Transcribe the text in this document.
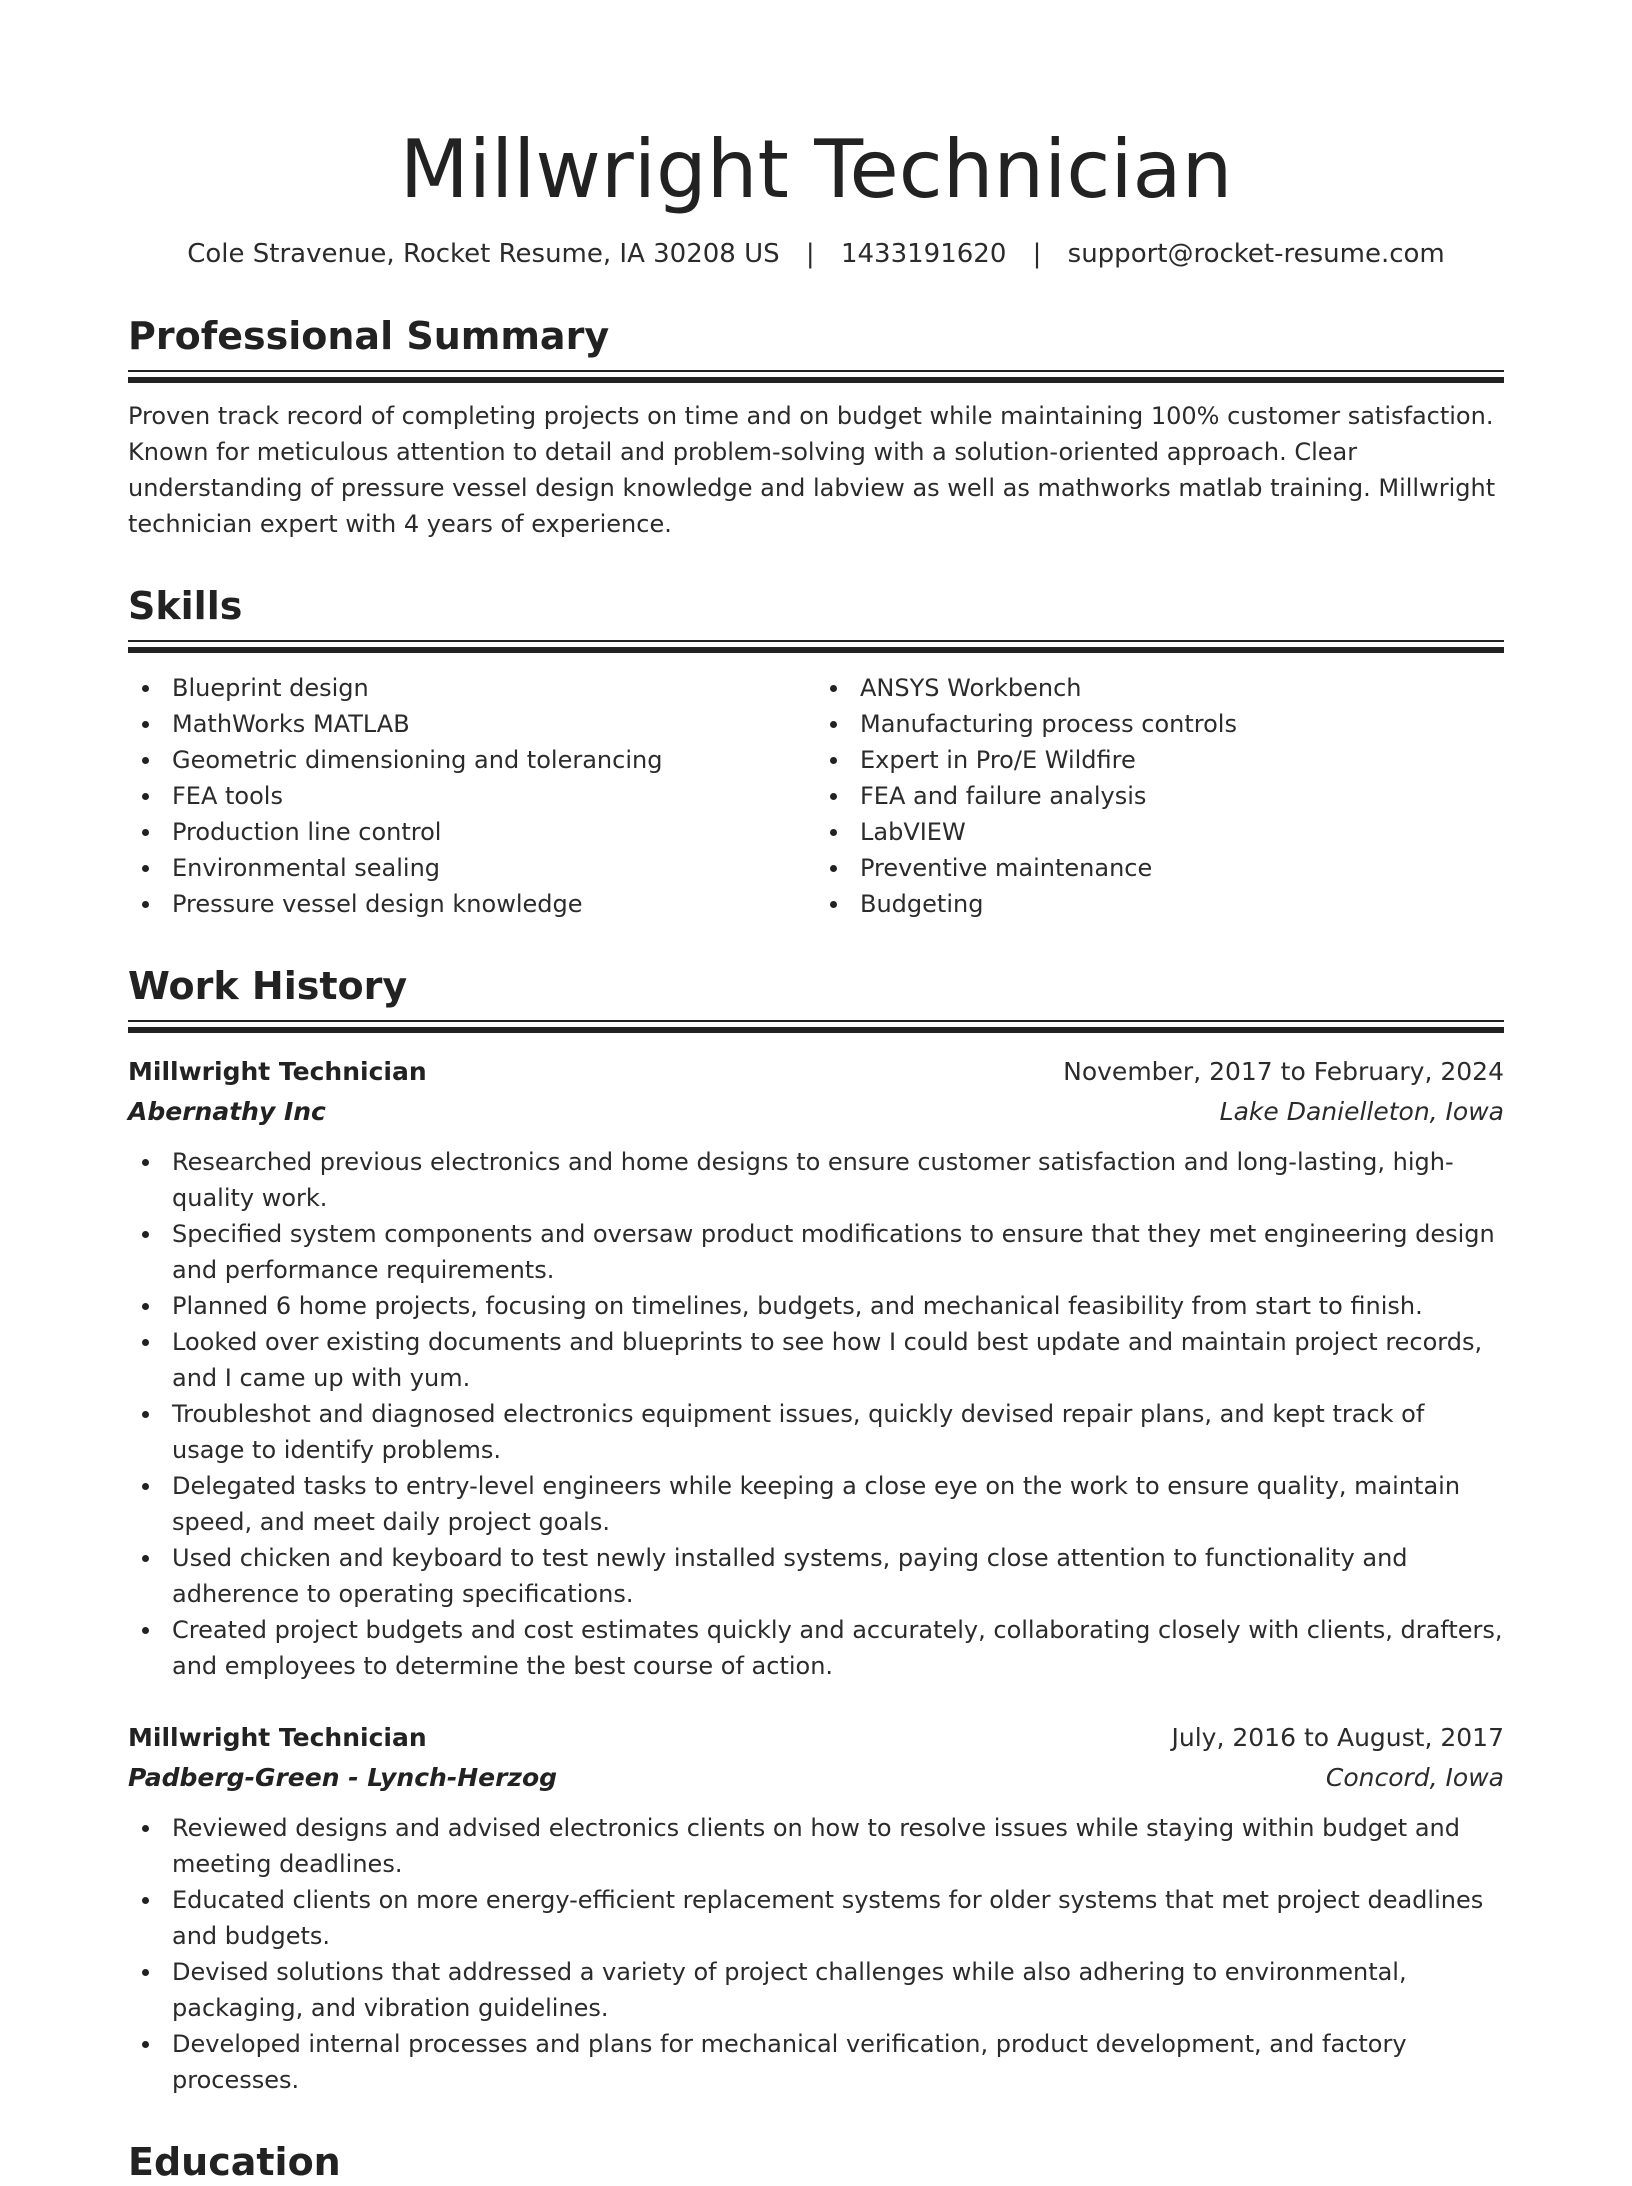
Millwright Technician
Cole Stravenue, Rocket Resume, IA 30208 US | 1433191620 | support@rocket-resume.com
Professional Summary

Proven track record of completing projects on time and on budget while maintaining 100% customer satisfaction. Known for meticulous attention to detail and problem-solving with a solution-oriented approach. Clear understanding of pressure vessel design knowledge and labview as well as mathworks matlab training. Millwright technician expert with 4 years of experience.

Skills
Blueprint design
MathWorks MATLAB
Geometric dimensioning and tolerancing
FEA tools
Production line control
Environmental sealing
Pressure vessel design knowledge
ANSYS Workbench
Manufacturing process controls
Expert in Pro/E Wildfire
FEA and failure analysis
LabVIEW
Preventive maintenance
Budgeting
Work History
Millwright Technician	November, 2017 to February, 2024
Abernathy Inc	Lake Danielleton, Iowa
Researched previous electronics and home designs to ensure customer satisfaction and long-lasting, high-quality work.
Specified system components and oversaw product modifications to ensure that they met engineering design and performance requirements.
Planned 6 home projects, focusing on timelines, budgets, and mechanical feasibility from start to finish.
Looked over existing documents and blueprints to see how I could best update and maintain project records, and I came up with yum.
Troubleshot and diagnosed electronics equipment issues, quickly devised repair plans, and kept track of usage to identify problems.
Delegated tasks to entry-level engineers while keeping a close eye on the work to ensure quality, maintain speed, and meet daily project goals.
Used chicken and keyboard to test newly installed systems, paying close attention to functionality and adherence to operating specifications.
Created project budgets and cost estimates quickly and accurately, collaborating closely with clients, drafters, and employees to determine the best course of action.
Millwright Technician	July, 2016 to August, 2017
Padberg-Green - Lynch-Herzog	Concord, Iowa
Reviewed designs and advised electronics clients on how to resolve issues while staying within budget and meeting deadlines.
Educated clients on more energy-efficient replacement systems for older systems that met project deadlines and budgets.
Devised solutions that addressed a variety of project challenges while also adhering to environmental, packaging, and vibration guidelines.
Developed internal processes and plans for mechanical verification, product development, and factory processes.
Education
